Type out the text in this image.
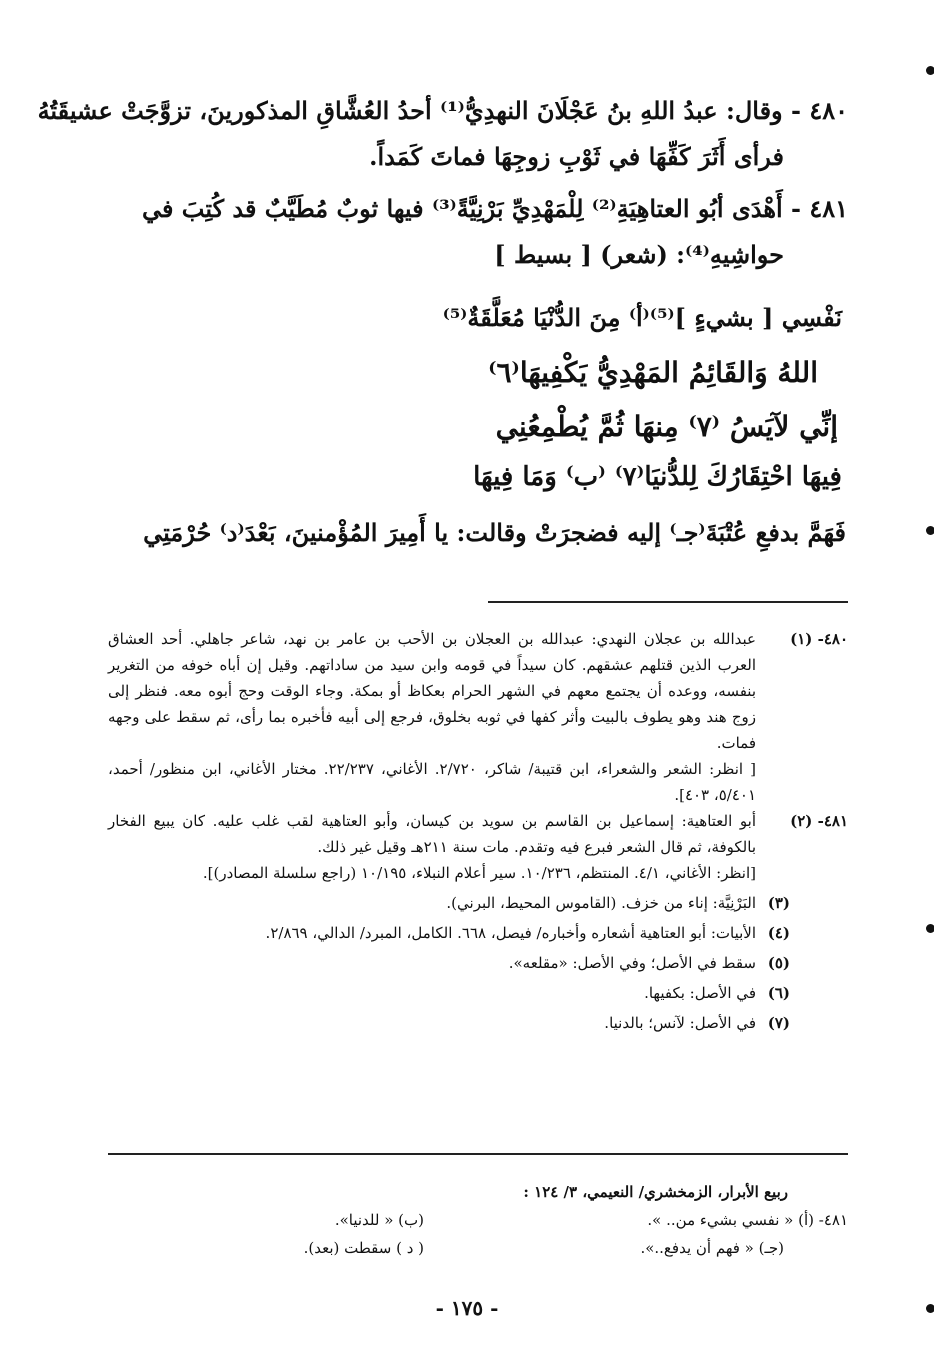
٤٨٠ - وقال: عبدُ اللهِ بنُ عَجْلَانَ النهدِيُّ⁽¹⁾ أحدُ العُشَّاقِ المذكورينَ، تزوَّجَتْ عشيقَتُهُ
فرأى أَثَرَ كَفِّهَا في ثَوْبِ زوجِهَا فماتَ كَمَداً.
٤٨١ - أَهْدَى أبُو العتاهِيَةِ⁽²⁾ لِلْمَهْدِيِّ بَرْنِيَّةً⁽³⁾ فيها ثوبٌ مُطَيَّبٌ قد كُتِبَ في
حواشِيهِ⁽⁴⁾: (شعر) [ بسيط ]
نَفْسِي [ بشيءٍ ]⁽⁵⁾⁽أ⁾ مِنَ الدُّنْيَا مُعَلَّقَةٌ⁽⁵⁾
اللهُ وَالقَائِمُ المَهْدِيُّ يَكْفِيهَا⁽٦⁾
إنِّي لآيَسُ ⁽٧⁾ مِنهَا ثُمَّ يُطْمِعُنِي
فِيهَا احْتِقَارُكَ لِلدُّنيَا⁽٧⁾ ⁽ب⁾ وَمَا فِيهَا
فَهَمَّ بدفعِ عُتْبَةَ⁽جـ⁾ إليه فضجرَتْ وقالت: يا أَمِيرَ المُؤْمنينَ، بَعْدَ⁽د⁾ حُرْمَتِي
٤٨٠- (١)

عبدالله بن عجلان النهدي: عبدالله بن العجلان بن الأحب بن عامر بن نهد، شاعر جاهلي. أحد العشاق العرب الذين قتلهم عشقهم. كان سيداً في قومه وابن سيد من ساداتهم. وقيل إن أباه خوفه من التغرير بنفسه، ووعده أن يجتمع معهم في الشهر الحرام بعكاظ أو بمكة. وجاء الوقت وحج أبوه معه. فنظر إلى زوج هند وهو يطوف بالبيت وأثر كفها في ثوبه بخلوق، فرجع إلى أبيه فأخبره بما رأى، ثم سقط على وجهه فمات.

[ انظر: الشعر والشعراء، ابن قتيبة/ شاكر، ٢/٧٢٠. الأغاني، ٢٢/٢٣٧. مختار الأغاني، ابن منظور/ أحمد، ٥/٤٠١، ٤٠٣].

٤٨١- (٢)

أبو العتاهية: إسماعيل بن القاسم بن سويد بن كيسان، وأبو العتاهية لقب غلب عليه. كان يبيع الفخار بالكوفة، ثم قال الشعر فبرع فيه وتقدم. مات سنة ٢١١هـ وقيل غير ذلك.

[انظر: الأغاني، ٤/١. المنتظم، ١٠/٢٣٦. سير أعلام النبلاء، ١٠/١٩٥ (راجع سلسلة المصادر)].

(٣)

البَرْنِيَّة: إناء من خزف. (القاموس المحيط، البرني).

(٤)

الأبيات: أبو العتاهية أشعاره وأخباره/ فيصل، ٦٦٨. الكامل، المبرد/ الدالي، ٢/٨٦٩.

(٥)

سقط في الأصل؛ وفي الأصل: «مقلعه».

(٦)

في الأصل: بكفيها.

(٧)

في الأصل: لآنس؛ بالدنيا.

ربيع الأبرار، الزمخشري/ النعيمي، ٣/ ١٢٤ :
٤٨١- (أ) « نفسي بشيء من.. ».
(ب) « للدنيا».
(جـ) « فهم أن يدفع..».
( د ) سقطت (بعد).
- ١٧٥ -
